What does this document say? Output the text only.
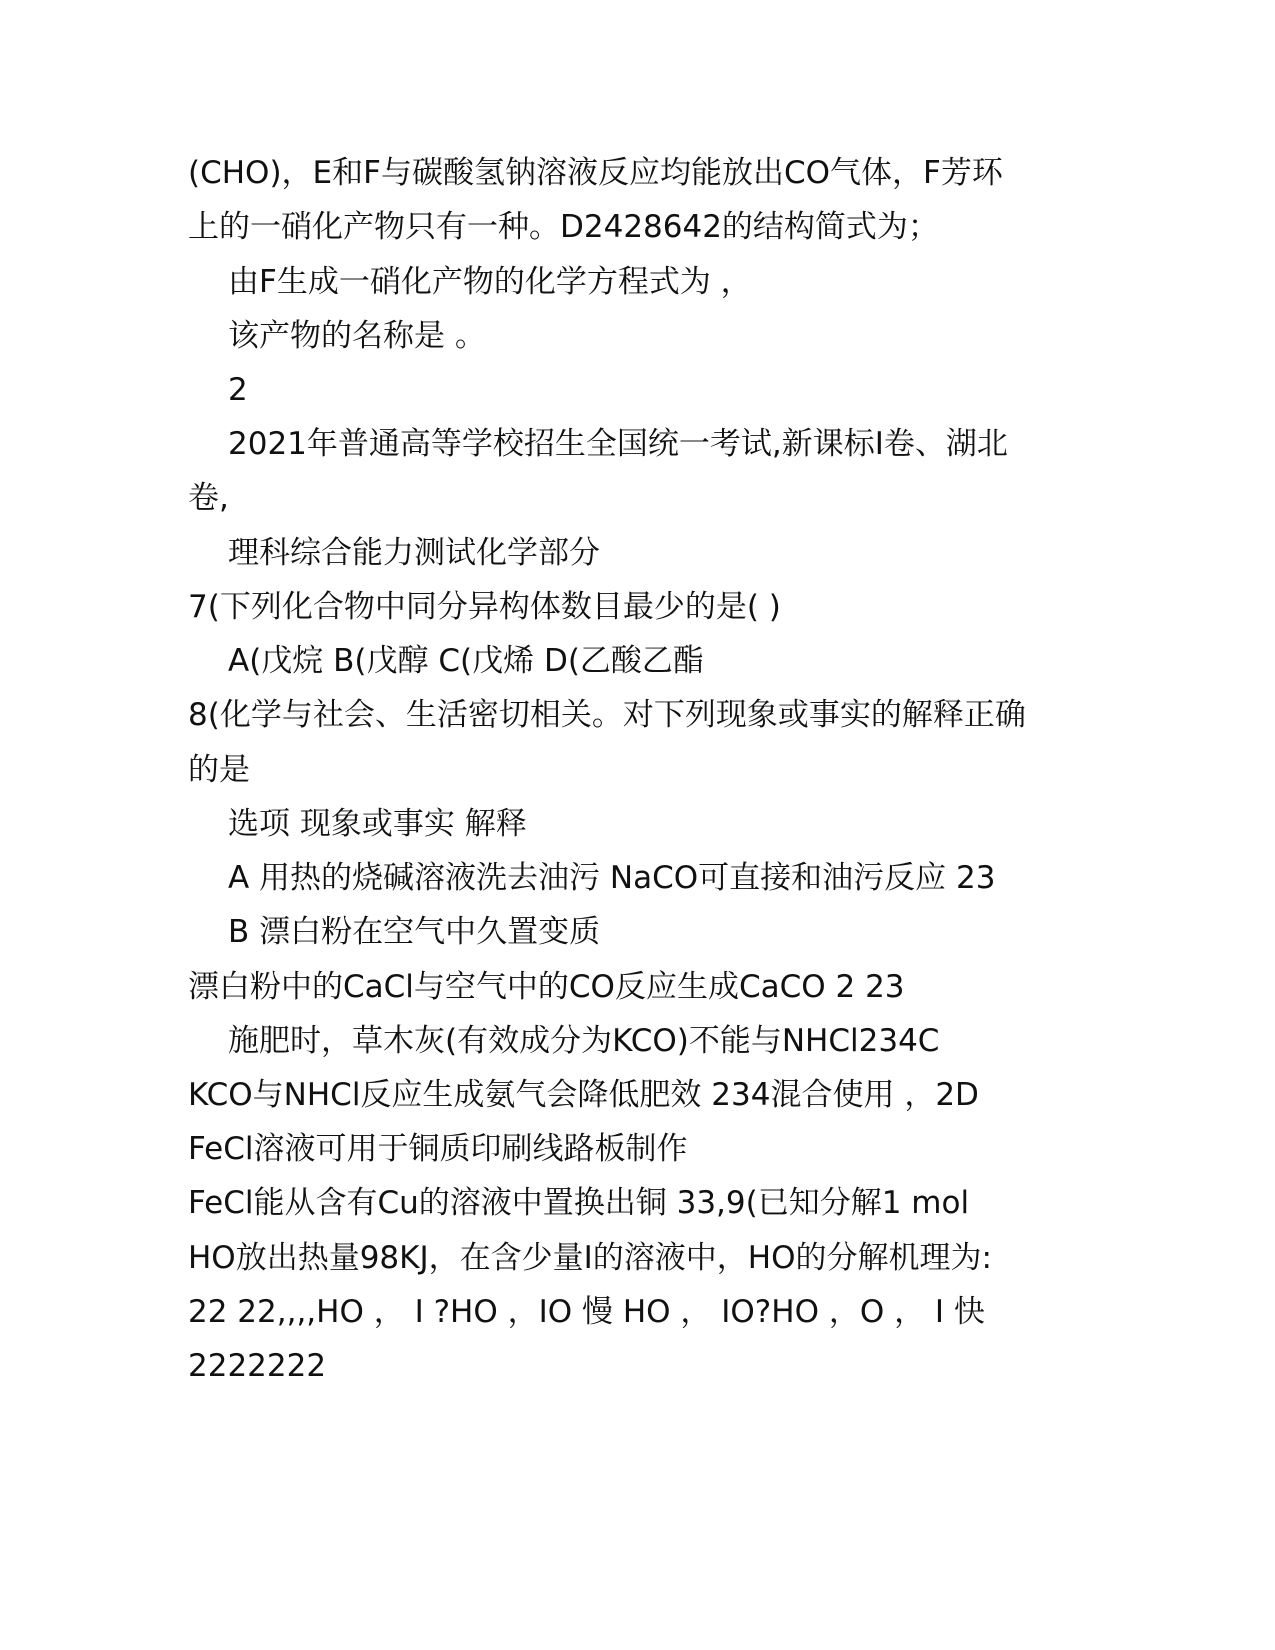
(CHO)，E和F与碳酸氢钠溶液反应均能放出CO气体，F芳环
上的一硝化产物只有一种。D2428642的结构简式为；
由F生成一硝化产物的化学方程式为 ，
该产物的名称是 。
2
2021年普通高等学校招生全国统一考试,新课标I卷、湖北
卷,
理科综合能力测试化学部分
7(下列化合物中同分异构体数目最少的是( )
A(戊烷 B(戊醇 C(戊烯 D(乙酸乙酯
8(化学与社会、生活密切相关。对下列现象或事实的解释正确
的是
选项 现象或事实 解释
A 用热的烧碱溶液洗去油污 NaCO可直接和油污反应 23
B 漂白粉在空气中久置变质
漂白粉中的CaCl与空气中的CO反应生成CaCO 2 23
施肥时，草木灰(有效成分为KCO)不能与NHCl234C
KCO与NHCl反应生成氨气会降低肥效 234混合使用 ，2D
FeCl溶液可用于铜质印刷线路板制作
FeCl能从含有Cu的溶液中置换出铜 33,9(已知分解1 mol
HO放出热量98KJ，在含少量I的溶液中，HO的分解机理为:
22 22,,,,HO ， I ?HO ，IO 慢 HO ， IO?HO ，O ， I 快
2222222
